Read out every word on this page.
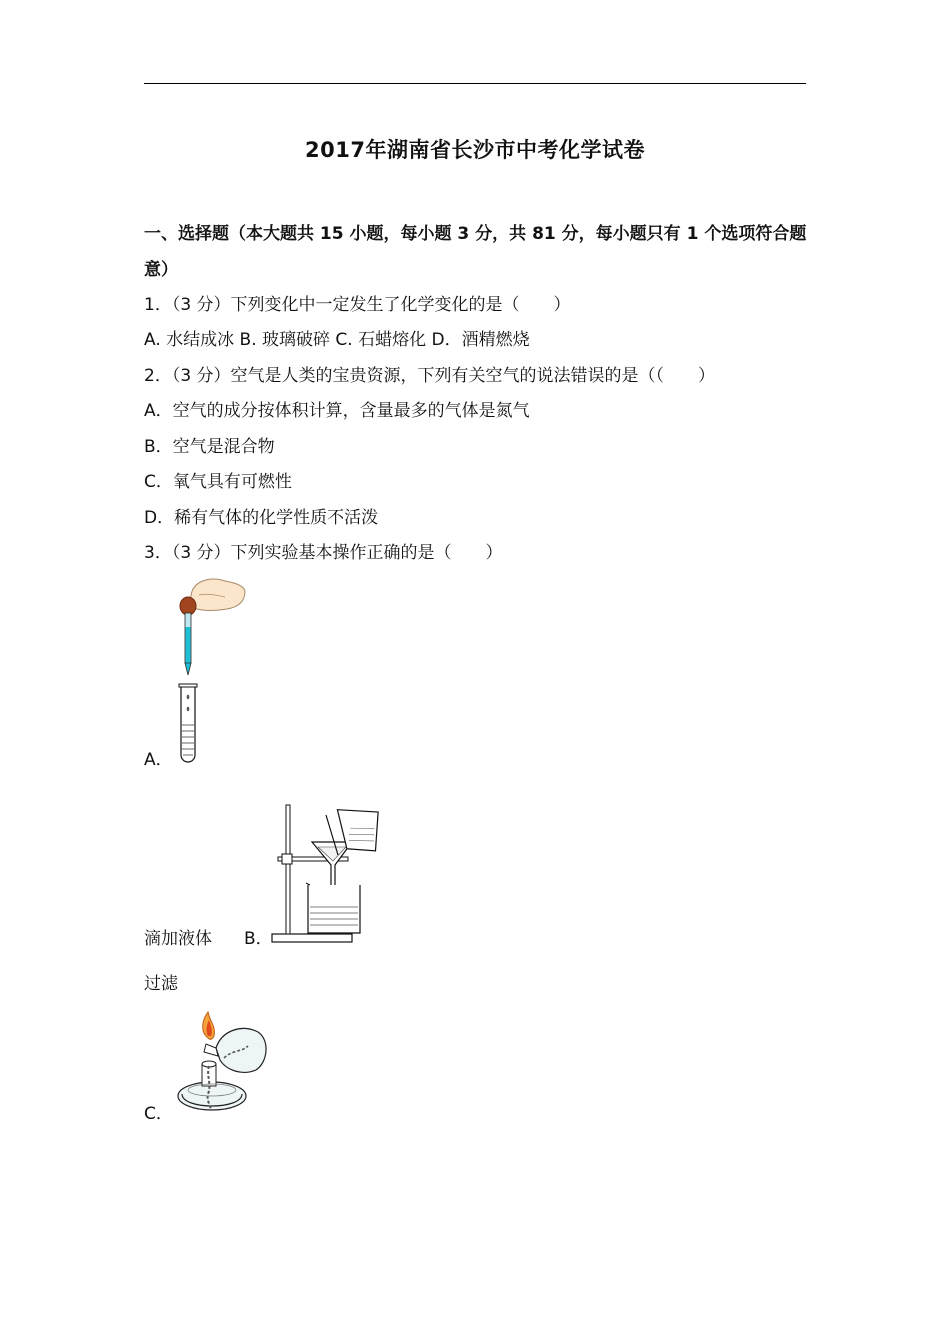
2017年湖南省长沙市中考化学试卷
一、选择题（本大题共 15 小题，每小题 3 分，共 81 分，每小题只有 1 个选项符合题
意）
1．（3 分）下列变化中一定发生了化学变化的是（　　）
A. 水结成冰 B. 玻璃破碎 C. 石蜡熔化 D．酒精燃烧
2．（3 分）空气是人类的宝贵资源，下列有关空气的说法错误的是（（　　）
A．空气的成分按体积计算，含量最多的气体是氮气
B．空气是混合物
C．氧气具有可燃性
D．稀有气体的化学性质不活泼
3．（3 分）下列实验基本操作正确的是（　　）
A．
滴加液体 B．
过滤
C．
